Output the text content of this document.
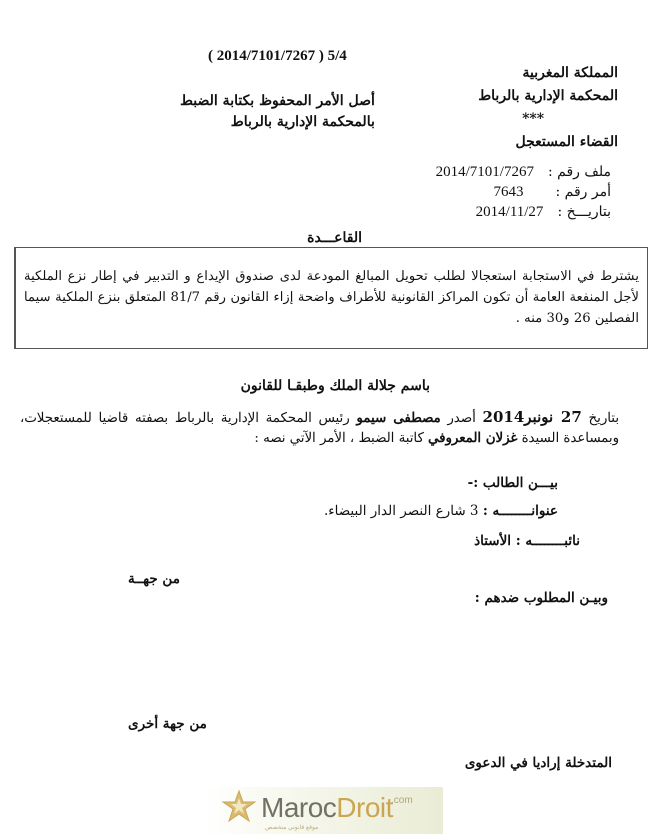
( 2014/7101/7267 ) 5/4
المملكة المغربية
المحكمة الإدارية بالرباط
***
القضاء المستعجل
أصل الأمر المحفوظ بكتابة الضبط
بالمحكمة الإدارية بالرباط
ملف رقم :2014/7101/7267
أمر رقم :7643
بتاريـــخ :2014/11/27
القاعـــدة
يشترط في الاستجابة استعجالا لطلب تحويل المبالغ المودعة لدى صندوق الإيداع و التدبير في إطار نزع الملكية لأجل المنفعة العامة أن تكون المراكز القانونية للأطراف واضحة إزاء القانون رقم 81/7 المتعلق بنزع الملكية سيما الفصلين 26 و30 منه .
باسم جلالة الملك وطبقـا للقانون
بتاريخ 27 نونبر2014 أصدر مصطفى سيمو رئيس المحكمة الإدارية بالرباط بصفته قاضيا للمستعجلات، وبمساعدة السيدة غزلان المعروفي كاتبة الضبط ، الأمر الآتي نصه :
بيـــن الطالب :-
عنوانــــــــه : 3 شارع النصر الدار البيضاء.
نائبــــــــه : الأستاذ
من جهــة
وبيـن المطلوب ضدهم :
من جهة أخرى
المتدخلة إراديا في الدعوى
MarocDroit
.com
موقع قانوني متخصص
